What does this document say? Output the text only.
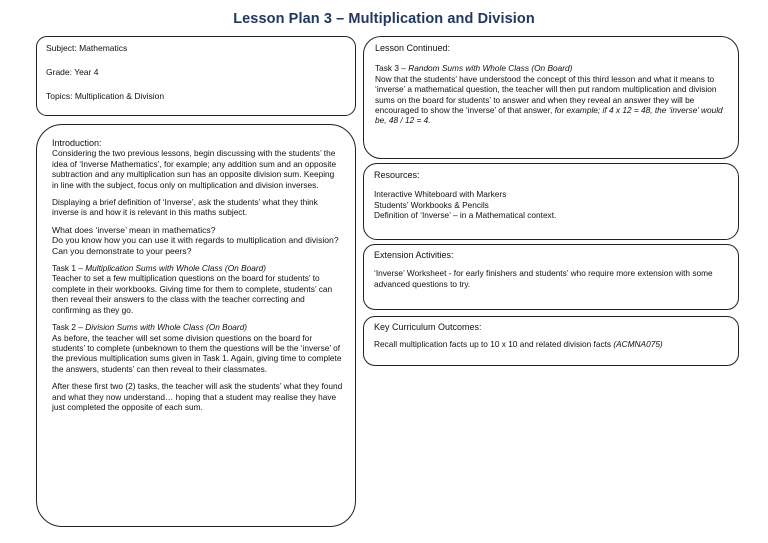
Lesson Plan 3 – Multiplication and Division

Subject: Mathematics

Grade: Year 4

Topics: Multiplication & Division

Introduction:

Considering the two previous lessons, begin discussing with the students’ the idea of ‘Inverse Mathematics’, for example; any addition sum and an opposite subtraction and any multiplication sun has an opposite division sum. Keeping in line with the subject, focus only on multiplication and division inverses.

Displaying a brief definition of ‘Inverse’, ask the students’ what they think inverse is and how it is relevant in this maths subject.

What does ‘inverse’ mean in mathematics?

Do you know how you can use it with regards to multiplication and division?

Can you demonstrate to your peers?

Task 1 – Multiplication Sums with Whole Class (On Board)

Teacher to set a few multiplication questions on the board for students’ to complete in their workbooks. Giving time for them to complete, students’ can then reveal their answers to the class with the teacher correcting and confirming as they go.

Task 2 – Division Sums with Whole Class (On Board)

As before, the teacher will set some division questions on the board for students’ to complete (unbeknown to them the questions will be the ‘inverse’ of the previous multiplication sums given in Task 1. Again, giving time to complete the answers, students’ can then reveal to their classmates.

After these first two (2) tasks, the teacher will ask the students’ what they found and what they now understand… hoping that a student may realise they have just completed the opposite of each sum.

Lesson Continued:

Task 3 – Random Sums with Whole Class (On Board)

Now that the students’ have understood the concept of this third lesson and what it means to ‘inverse’ a mathematical question, the teacher will then put random multiplication and division sums on the board for students’ to answer and when they reveal an answer they will be encouraged to show the ‘inverse’ of that answer, for example; if 4 x 12 = 48, the ‘inverse’ would be, 48 / 12 = 4.

Resources:

Interactive Whiteboard with Markers

Students’ Workbooks & Pencils

Definition of ‘Inverse’ – in a Mathematical context.

Extension Activities:

‘Inverse’ Worksheet - for early finishers and students’ who require more extension with some advanced questions to try.

Key Curriculum Outcomes:

Recall multiplication facts up to 10 x 10 and related division facts (ACMNA075)
